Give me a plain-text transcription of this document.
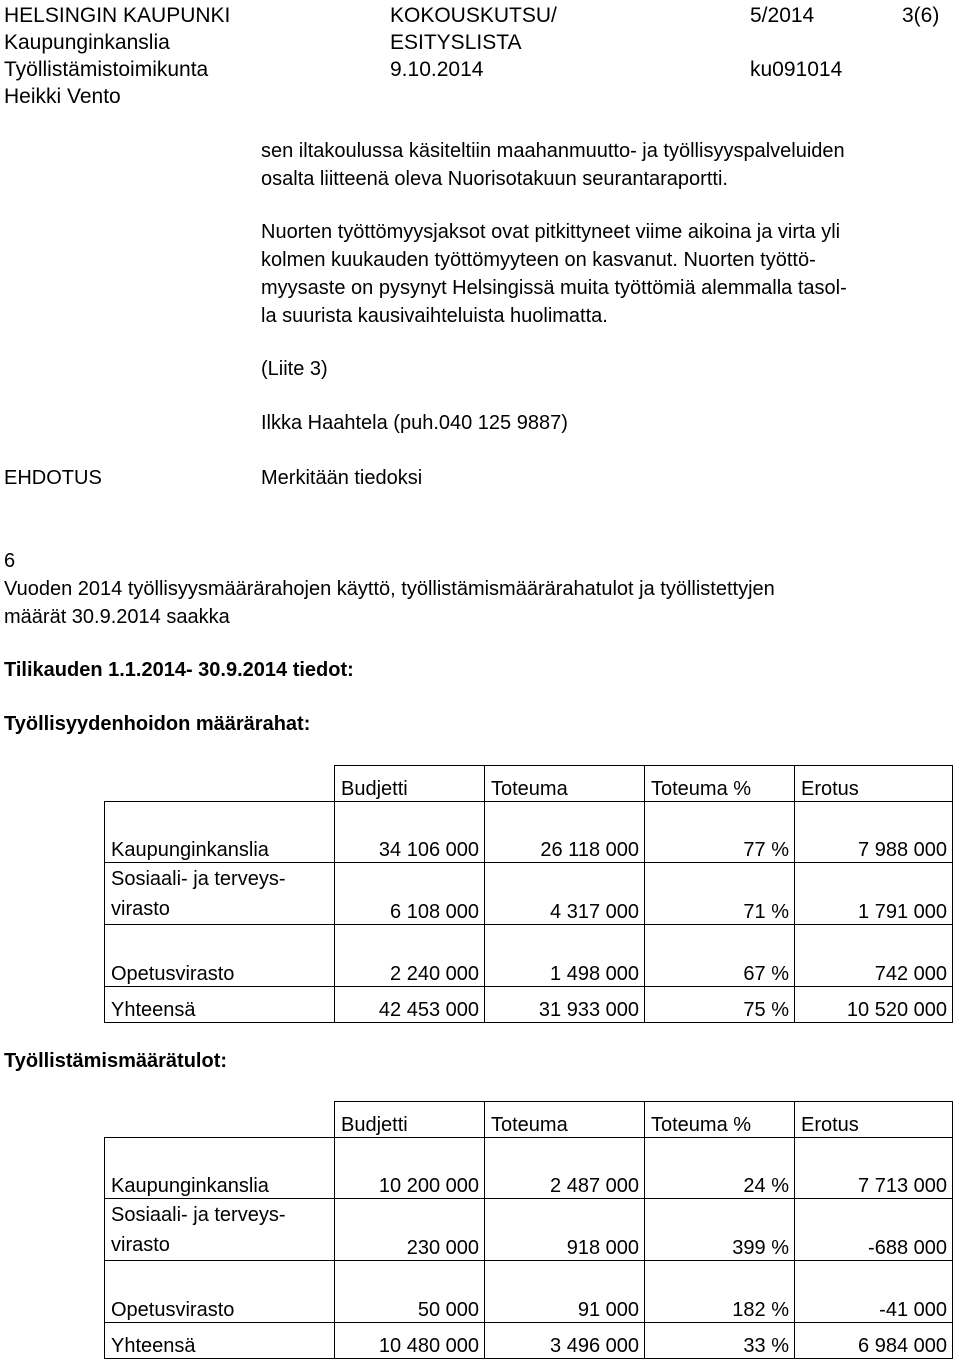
HELSINGIN KAUPUNKI
Kaupunginkanslia
Työllistämistoimikunta
Heikki Vento
KOKOUSKUTSU/
ESITYSLISTA
9.10.2014
5/2014
ku091014
3(6)
sen iltakoulussa käsiteltiin maahanmuutto- ja työllisyyspalveluiden
osalta liitteenä oleva Nuorisotakuun seurantaraportti.
Nuorten työttömyysjaksot ovat pitkittyneet viime aikoina ja virta yli
kolmen kuukauden työttömyyteen on kasvanut. Nuorten työttö-
myysaste on pysynyt Helsingissä muita työttömiä alemmalla tasol-
la suurista kausivaihteluista huolimatta.
(Liite 3)
Ilkka Haahtela (puh.040 125 9887)
EHDOTUS	Merkitään tiedoksi
6
Vuoden 2014 työllisyysmäärärahojen käyttö, työllistämismäärärahatulot ja työllistettyjen
määrät 30.9.2014 saakka
Tilikauden 1.1.2014- 30.9.2014 tiedot:
Työllisyydenhoidon määrärahat:
	Budjetti	Toteuma	Toteuma %	Erotus
Kaupunginkanslia	34 106 000	26 118 000	77 %	7 988 000
Sosiaali- ja terveys-
virasto	6 108 000	4 317 000	71 %	1 791 000
Opetusvirasto	2 240 000	1 498 000	67 %	742 000
Yhteensä	42 453 000	31 933 000	75 %	10 520 000
Työllistämismäärätulot:
	Budjetti	Toteuma	Toteuma %	Erotus
Kaupunginkanslia	10 200 000	2 487 000	24 %	7 713 000
Sosiaali- ja terveys-
virasto	230 000	918 000	399 %	-688 000
Opetusvirasto	50 000	91 000	182 %	-41 000
Yhteensä	10 480 000	3 496 000	33 %	6 984 000
